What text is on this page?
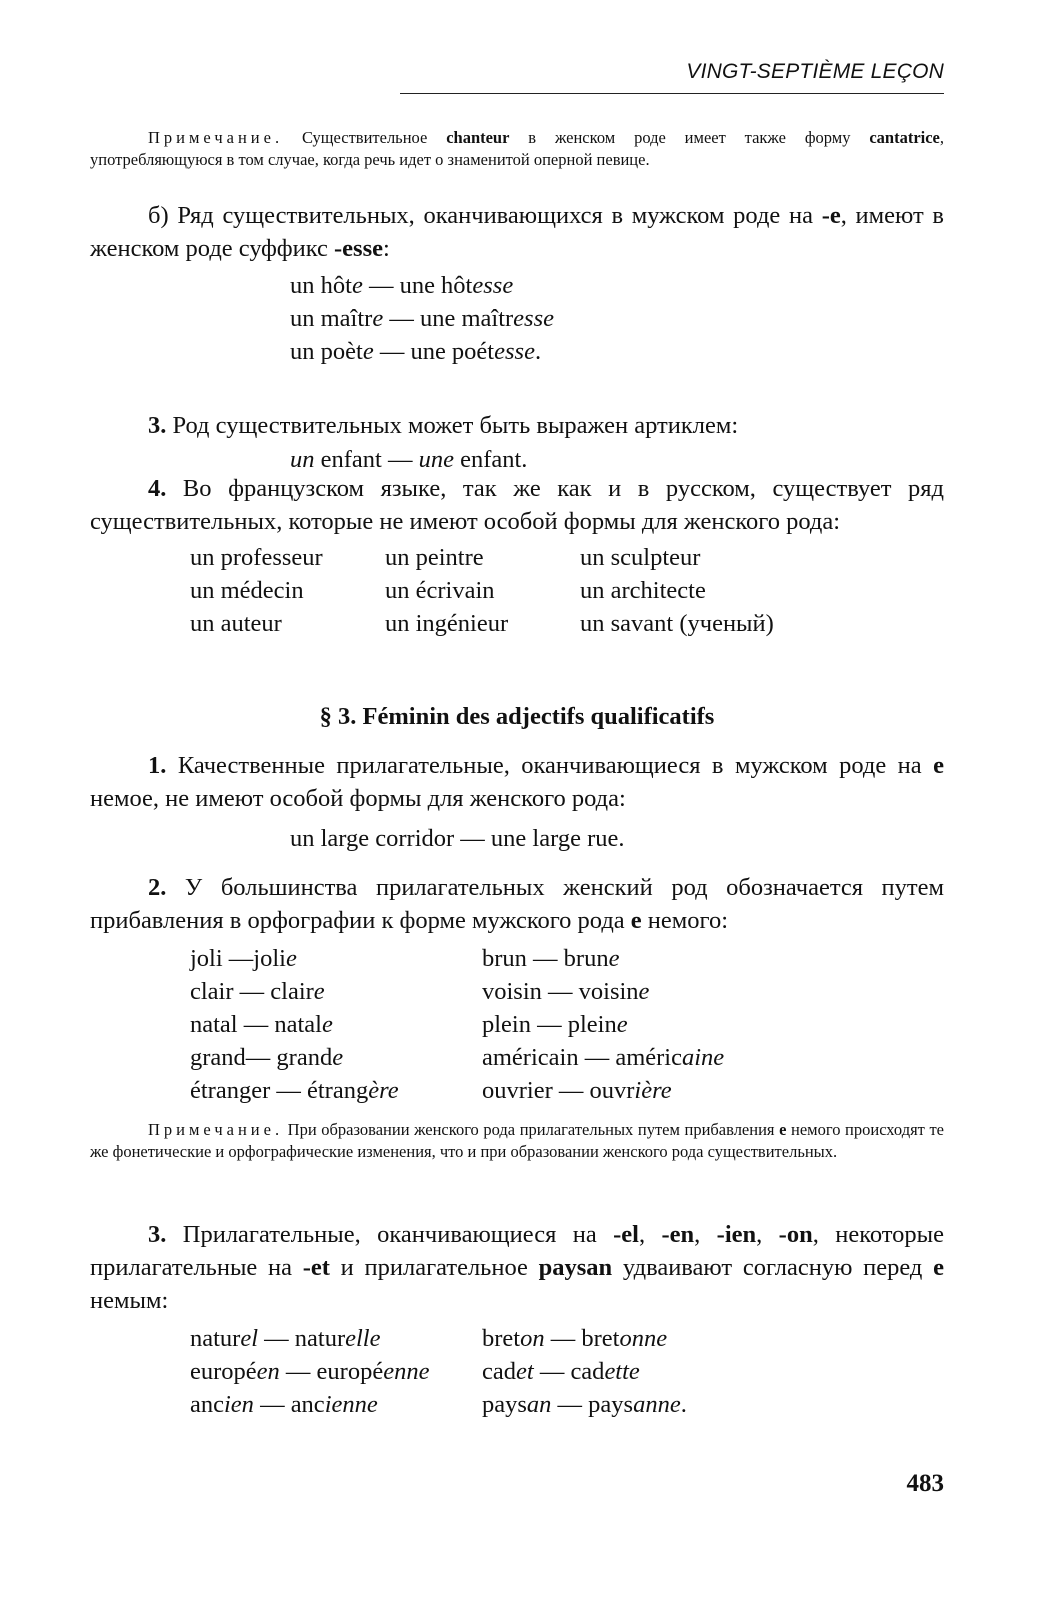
VINGT-SEPTIÈME LEÇON
Примечание. Существительное chanteur в женском роде имеет также форму cantatrice, употребляющуюся в том случае, когда речь идет о знаменитой оперной певице.
б) Ряд существительных, оканчивающихся в мужском роде на -e, имеют в женском роде суффикс -esse:
un hôte — une hôtesse
un maître — une maîtresse
un poète — une poétesse.
3. Род существительных может быть выражен артиклем:
un enfant — une enfant.
4. Во французском языке, так же как и в русском, существует ряд существительных, которые не имеют особой формы для женского рода:
un professeur	un peintre	un sculpteur
un médecin	un écrivain	un architecte
un auteur	un ingénieur	un savant (ученый)
§ 3. Féminin des adjectifs qualificatifs
1. Качественные прилагательные, оканчивающиеся в мужском роде на e немое, не имеют особой формы для женского рода:
un large corridor — une large rue.
2. У большинства прилагательных женский род обозначается путем прибавления в орфографии к форме мужского рода e немого:
joli —jolie	brun — brune
clair — claire	voisin — voisine
natal — natale	plein — pleine
grand— grande	américain — américaine
étranger — étrangère	ouvrier — ouvrière
Примечание. При образовании женского рода прилагательных путем прибавления e немого происходят те же фонетические и орфографические изменения, что и при образовании женского рода существительных.
3. Прилагательные, оканчивающиеся на -el, -en, -ien, -on, некоторые прилагательные на -et и прилагательное paysan удваивают согласную перед e немым:
naturel — naturelle	breton — bretonne
européen — européenne	cadet — cadette
ancien — ancienne	paysan — paysanne.
483
